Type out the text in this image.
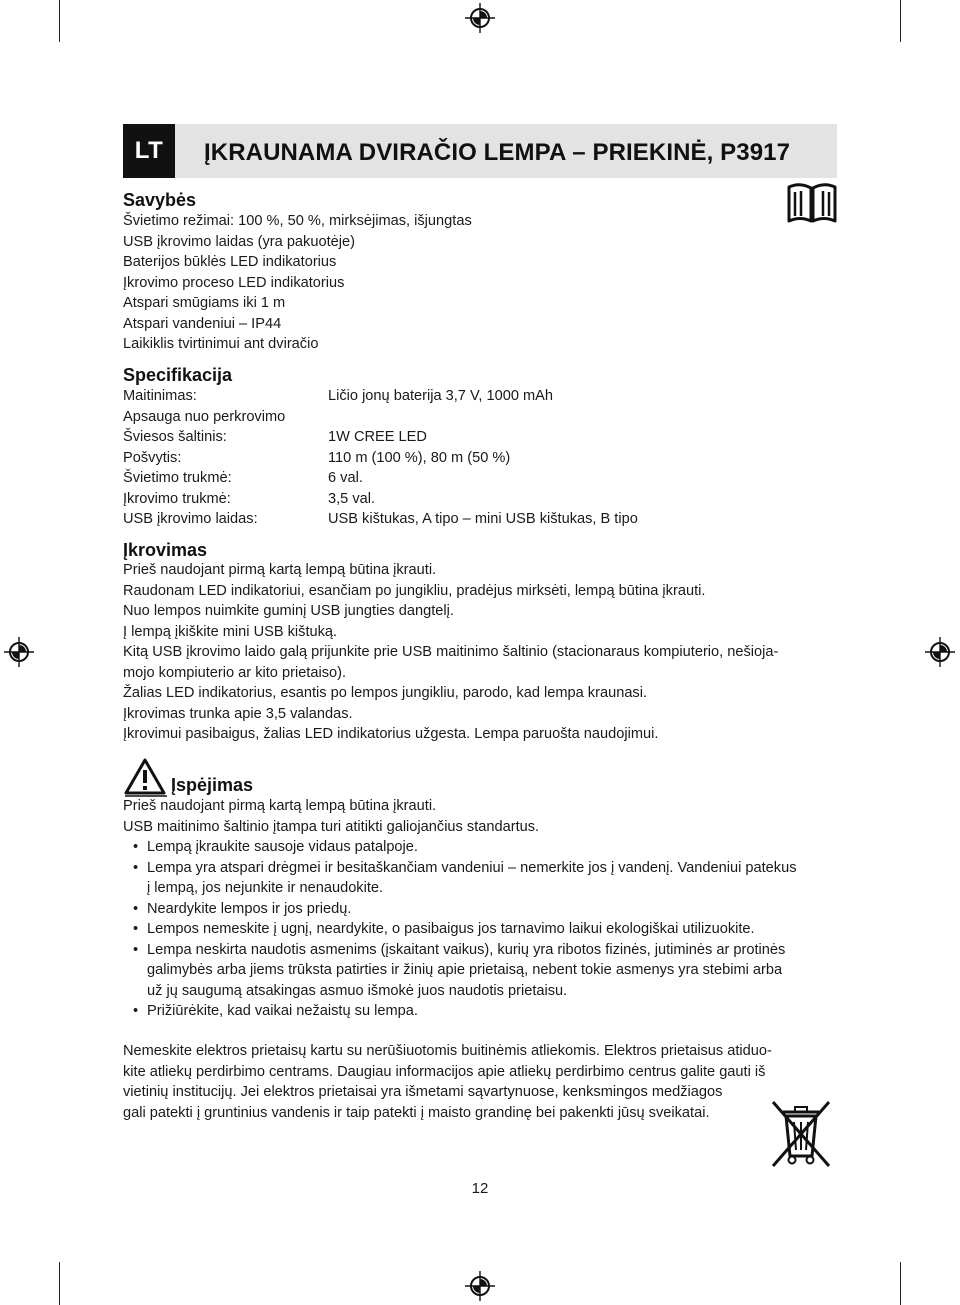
LT	ĮKRAUNAMA DVIRAČIO LEMPA – PRIEKINĖ, P3917
Savybės
Švietimo režimai: 100 %, 50 %, mirksėjimas, išjungtas
USB įkrovimo laidas (yra pakuotėje)
Baterijos būklės LED indikatorius
Įkrovimo proceso LED indikatorius
Atspari smūgiams iki 1 m
Atspari vandeniui – IP44
Laikiklis tvirtinimui ant dviračio
Specifikacija
Maitinimas:	Ličio jonų baterija 3,7 V, 1000 mAh
Apsauga nuo perkrovimo
Šviesos šaltinis:	1W CREE LED
Pošvytis:	110 m (100 %), 80 m (50 %)
Švietimo trukmė:	6 val.
Įkrovimo trukmė:	3,5 val.
USB įkrovimo laidas:	USB kištukas, A tipo – mini USB kištukas, B tipo
Įkrovimas
Prieš naudojant pirmą kartą lempą būtina įkrauti.
Raudonam LED indikatoriui, esančiam po jungikliu, pradėjus mirksėti, lempą būtina įkrauti.
Nuo lempos nuimkite guminį USB jungties dangtelį.
Į lempą įkiškite mini USB kištuką.
Kitą USB įkrovimo laido galą prijunkite prie USB maitinimo šaltinio (stacionaraus kompiuterio, nešioja-
mojo kompiuterio ar kito prietaiso).
Žalias LED indikatorius, esantis po lempos jungikliu, parodo, kad lempa kraunasi.
Įkrovimas trunka apie 3,5 valandas.
Įkrovimui pasibaigus, žalias LED indikatorius užgesta. Lempa paruošta naudojimui.
Įspėjimas
Prieš naudojant pirmą kartą lempą būtina įkrauti.
USB maitinimo šaltinio įtampa turi atitikti galiojančius standartus.
• Lempą įkraukite sausoje vidaus patalpoje.
• Lempa yra atspari drėgmei ir besitaškančiam vandeniui – nemerkite jos į vandenį. Vandeniui patekus
į lempą, jos nejunkite ir nenaudokite.
• Neardykite lempos ir jos priedų.
• Lempos nemeskite į ugnį, neardykite, o pasibaigus jos tarnavimo laikui ekologiškai utilizuokite.
• Lempa neskirta naudotis asmenims (įskaitant vaikus), kurių yra ribotos fizinės, jutiminės ar protinės
galimybės arba jiems trūksta patirties ir žinių apie prietaisą, nebent tokie asmenys yra stebimi arba
už jų saugumą atsakingas asmuo išmokė juos naudotis prietaisu.
• Prižiūrėkite, kad vaikai nežaistų su lempa.
Nemeskite elektros prietaisų kartu su nerūšiuotomis buitinėmis atliekomis. Elektros prietaisus atiduo-
kite atliekų perdirbimo centrams. Daugiau informacijos apie atliekų perdirbimo centrus galite gauti iš
vietinių institucijų. Jei elektros prietaisai yra išmetami sąvartynuose, kenksmingos medžiagos
gali patekti į gruntinius vandenis ir taip patekti į maisto grandinę bei pakenkti jūsų sveikatai.
12
